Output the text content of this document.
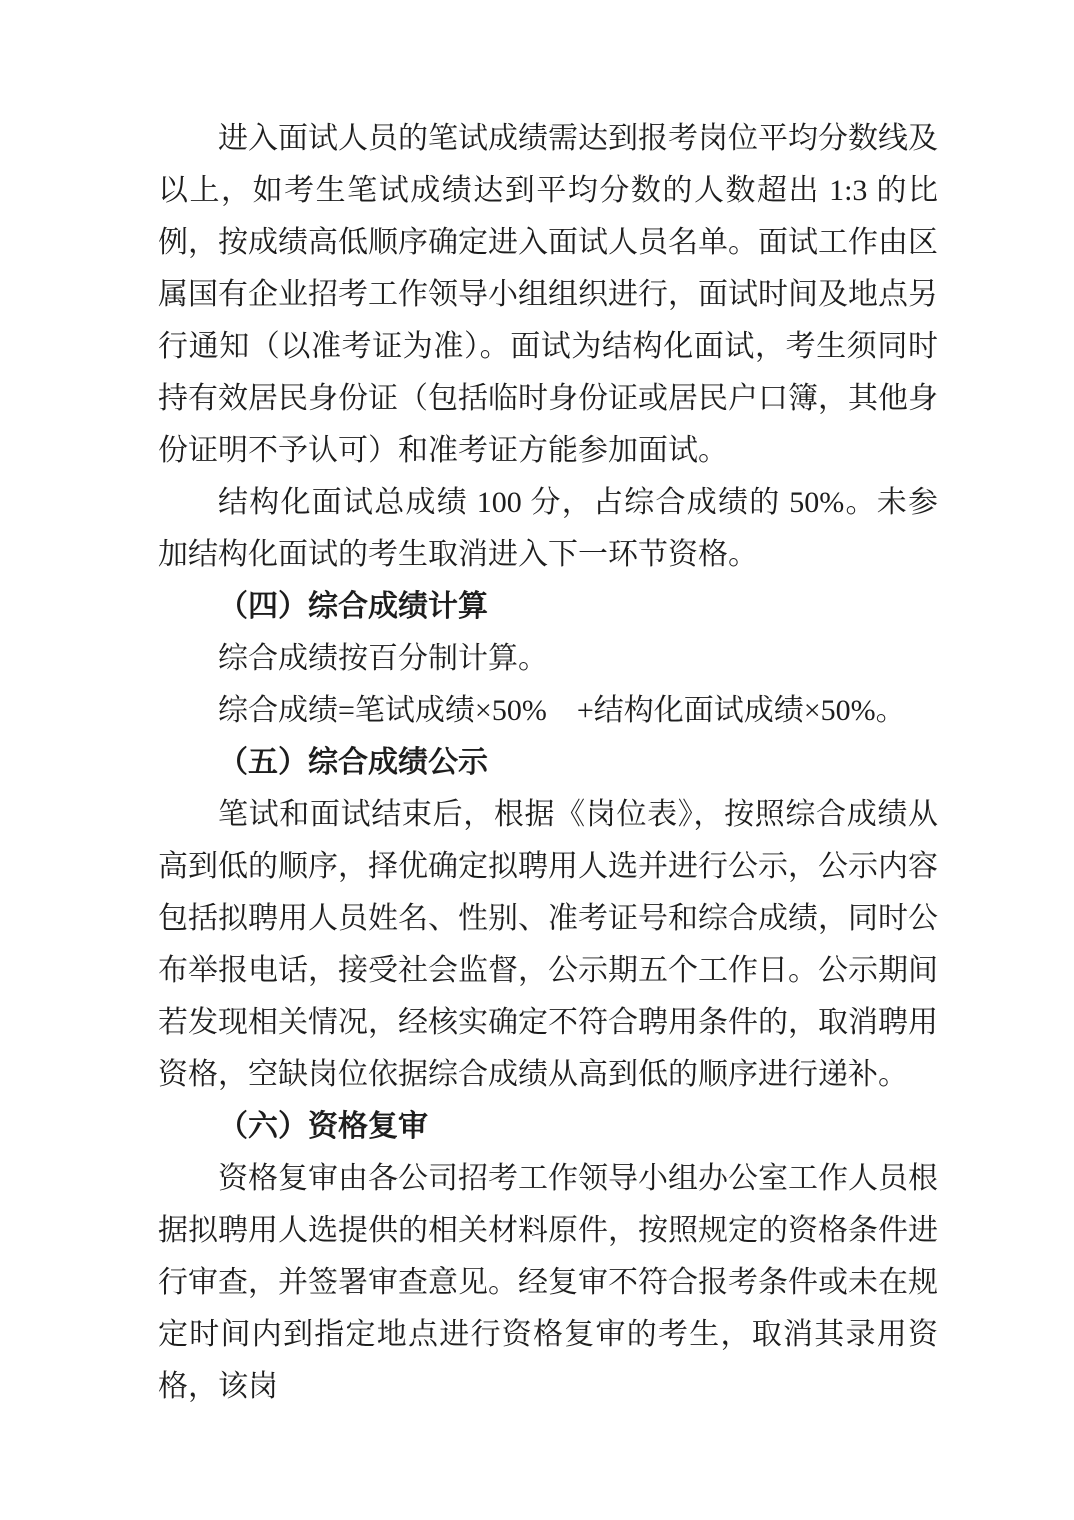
进入面试人员的笔试成绩需达到报考岗位平均分数线及以上，如考生笔试成绩达到平均分数的人数超出 1:3 的比例，按成绩高低顺序确定进入面试人员名单。面试工作由区属国有企业招考工作领导小组组织进行，面试时间及地点另行通知（以准考证为准）。面试为结构化面试，考生须同时持有效居民身份证（包括临时身份证或居民户口簿，其他身份证明不予认可）和准考证方能参加面试。

结构化面试总成绩 100 分，占综合成绩的 50%。未参加结构化面试的考生取消进入下一环节资格。

（四）综合成绩计算

综合成绩按百分制计算。

综合成绩=笔试成绩×50%　+结构化面试成绩×50%。

（五）综合成绩公示

笔试和面试结束后，根据《岗位表》，按照综合成绩从高到低的顺序，择优确定拟聘用人选并进行公示，公示内容包括拟聘用人员姓名、性别、准考证号和综合成绩，同时公布举报电话，接受社会监督，公示期五个工作日。公示期间若发现相关情况，经核实确定不符合聘用条件的，取消聘用资格，空缺岗位依据综合成绩从高到低的顺序进行递补。

（六）资格复审

资格复审由各公司招考工作领导小组办公室工作人员根据拟聘用人选提供的相关材料原件，按照规定的资格条件进行审查，并签署审查意见。经复审不符合报考条件或未在规定时间内到指定地点进行资格复审的考生，取消其录用资格，该岗
